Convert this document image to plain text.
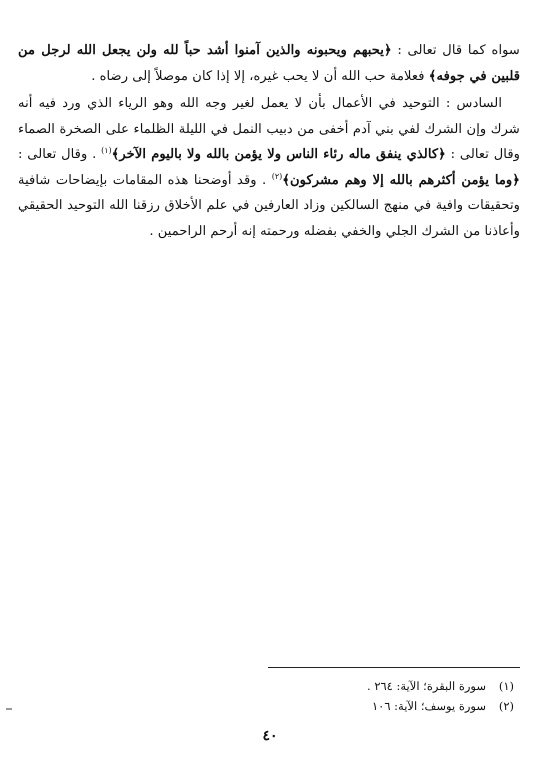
سواه كما قال تعالى : ﴿يحبهم ويحبونه والذين آمنوا أشد حباً لله ولن يجعل الله لرجل من قلبين في جوفه﴾ فعلامة حب الله أن لا يحب غيره، إلا إذا كان موصلاً إلى رضاه .

السادس : التوحيد في الأعمال بأن لا يعمل لغير وجه الله وهو الرياء الذي ورد فيه أنه شرك وإن الشرك لفي بني آدم أخفى من دبيب النمل في الليلة الظلماء على الصخرة الصماء وقال تعالى : ﴿كالذي ينفق ماله رئاء الناس ولا يؤمن بالله ولا باليوم الآخر﴾$^{(١)}$ . وقال تعالى : ﴿وما يؤمن أكثرهم بالله إلا وهم مشركون﴾$^{(٢)}$ . وقد أوضحنا هذه المقامات بإيضاحات شافية وتحقيقات وافية في منهج السالكين وزاد العارفين في علم الأخلاق رزقنا الله التوحيد الحقيقي وأعاذنا من الشرك الجلي والخفي بفضله ورحمته إنه أرحم الراحمين .

(١)
سورة البقرة؛ الآية: ٢٦٤ .
(٢)
سورة يوسف؛ الآية: ١٠٦
٤٠
